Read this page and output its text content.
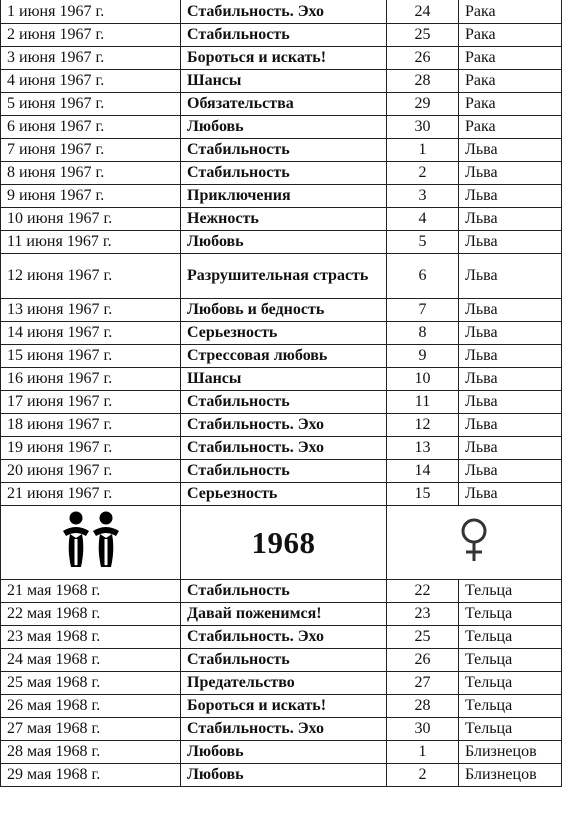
1 июня 1967 г.	Стабильность. Эхо	24	Рака
2 июня 1967 г.	Стабильность	25	Рака
3 июня 1967 г.	Бороться и искать!	26	Рака
4 июня 1967 г.	Шансы	28	Рака
5 июня 1967 г.	Обязательства	29	Рака
6 июня 1967 г.	Любовь	30	Рака
7 июня 1967 г.	Стабильность	1	Льва
8 июня 1967 г.	Стабильность	2	Льва
9 июня 1967 г.	Приключения	3	Льва
10 июня 1967 г.	Нежность	4	Льва
11 июня 1967 г.	Любовь	5	Льва
12 июня 1967 г.	Разрушительная страсть	6	Льва
13 июня 1967 г.	Любовь и бедность	7	Льва
14 июня 1967 г.	Серьезность	8	Льва
15 июня 1967 г.	Стрессовая любовь	9	Льва
16 июня 1967 г.	Шансы	10	Льва
17 июня 1967 г.	Стабильность	11	Льва
18 июня 1967 г.	Стабильность. Эхо	12	Льва
19 июня 1967 г.	Стабильность. Эхо	13	Льва
20 июня 1967 г.	Стабильность	14	Льва
21 июня 1967 г.	Серьезность	15	Льва
	1968	
21 мая 1968 г.	Стабильность	22	Тельца
22 мая 1968 г.	Давай поженимся!	23	Тельца
23 мая 1968 г.	Стабильность. Эхо	25	Тельца
24 мая 1968 г.	Стабильность	26	Тельца
25 мая 1968 г.	Предательство	27	Тельца
26 мая 1968 г.	Бороться и искать!	28	Тельца
27 мая 1968 г.	Стабильность. Эхо	30	Тельца
28 мая 1968 г.	Любовь	1	Близнецов
29 мая 1968 г.	Любовь	2	Близнецов
